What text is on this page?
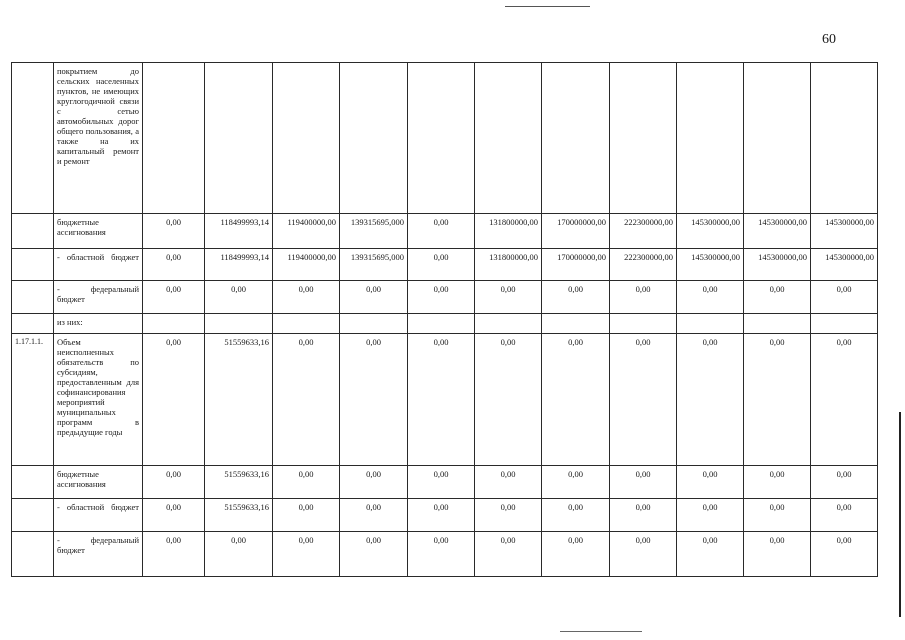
60
	покрытием до сельских населенных пунктов, не имеющих круглогодичной связи с сетью автомобильных дорог общего пользования, а также на их капитальный ремонт и ремонт											
	бюджетные ассигнования	0,00	118499993,14	119400000,00	139315695,000	0,00	131800000,00	170000000,00	222300000,00	145300000,00	145300000,00	145300000,00
	- областной бюджет	0,00	118499993,14	119400000,00	139315695,000	0,00	131800000,00	170000000,00	222300000,00	145300000,00	145300000,00	145300000,00
	- федеральный бюджет	0,00	0,00	0,00	0,00	0,00	0,00	0,00	0,00	0,00	0,00	0,00
	из них:											
1.17.1.1.	Объем неисполненных обязательств по субсидиям, предоставленным для софинансирования мероприятий муниципальных программ в предыдущие годы	0,00	51559633,16	0,00	0,00	0,00	0,00	0,00	0,00	0,00	0,00	0,00
	бюджетные ассигнования	0,00	51559633,16	0,00	0,00	0,00	0,00	0,00	0,00	0,00	0,00	0,00
	- областной бюджет	0,00	51559633,16	0,00	0,00	0,00	0,00	0,00	0,00	0,00	0,00	0,00
	- федеральный бюджет	0,00	0,00	0,00	0,00	0,00	0,00	0,00	0,00	0,00	0,00	0,00
